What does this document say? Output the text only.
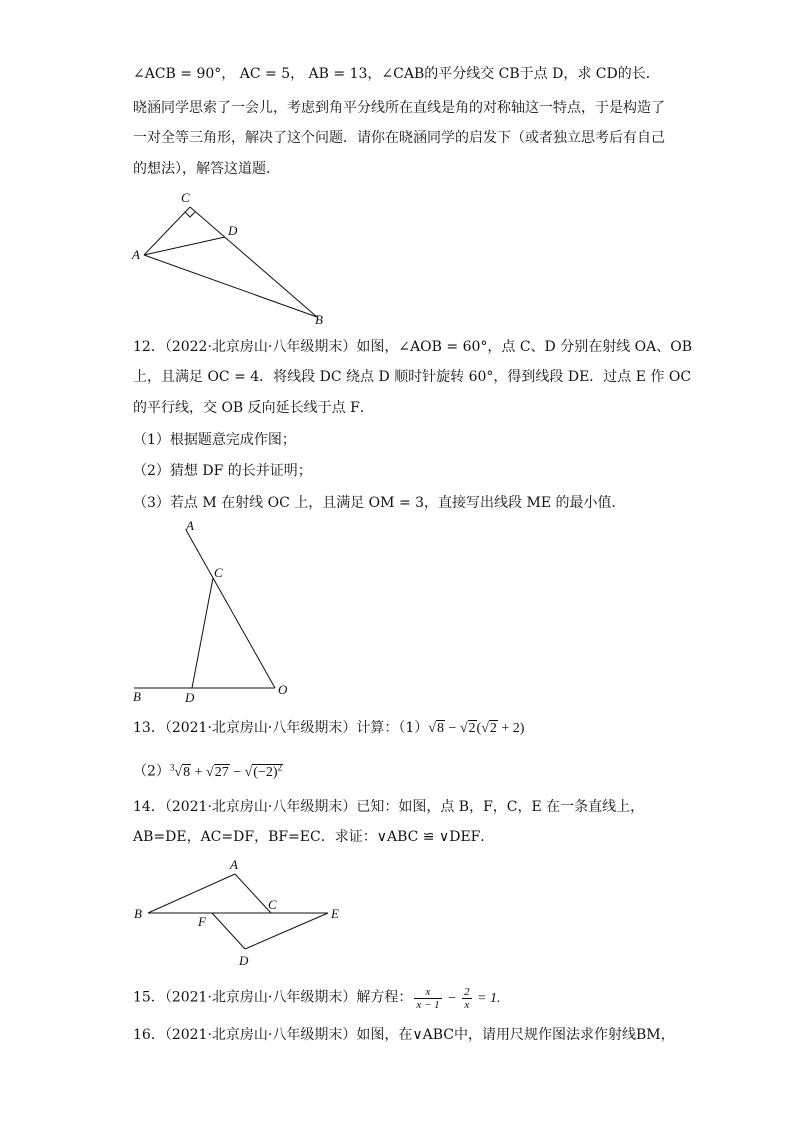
∠ACB = 90°， AC = 5， AB = 13，∠CAB的平分线交 CB于点 D，求 CD的长．
晓涵同学思索了一会儿，考虑到角平分线所在直线是角的对称轴这一特点，于是构造了
一对全等三角形，解决了这个问题．请你在晓涵同学的启发下（或者独立思考后有自己
的想法），解答这道题．
C
D
A
B
12．（2022·北京房山·八年级期末）如图，∠AOB = 60°，点 C、D 分别在射线 OA、OB
上，且满足 OC = 4．将线段 DC 绕点 D 顺时针旋转 60°，得到线段 DE．过点 E 作 OC
的平行线，交 OB 反向延长线于点 F．
（1）根据题意完成作图；
（2）猜想 DF 的长并证明；
（3）若点 M 在射线 OC 上，且满足 OM = 3，直接写出线段 ME 的最小值．
A
C
B	D
O
13．（2021·北京房山·八年级期末）计算：（1）√8 − √2(√2 + 2)
$(2)^3√8 + √27 - √(-2)^2$
14．（2021·北京房山·八年级期末）已知：如图，点 B，F，C，E 在一条直线上，
AB=DE，AC=DF，BF=EC．求证：∨ABC ≌ ∨DEF．
A
B
C
E
F
D
15．（2021·北京房山·八年级期末）解方程： $\frac{x}{x - 1} - \frac{2}{x} = 1$.
16．（2021·北京房山·八年级期末）如图，在∨ABC中，请用尺规作图法求作射线BM，
